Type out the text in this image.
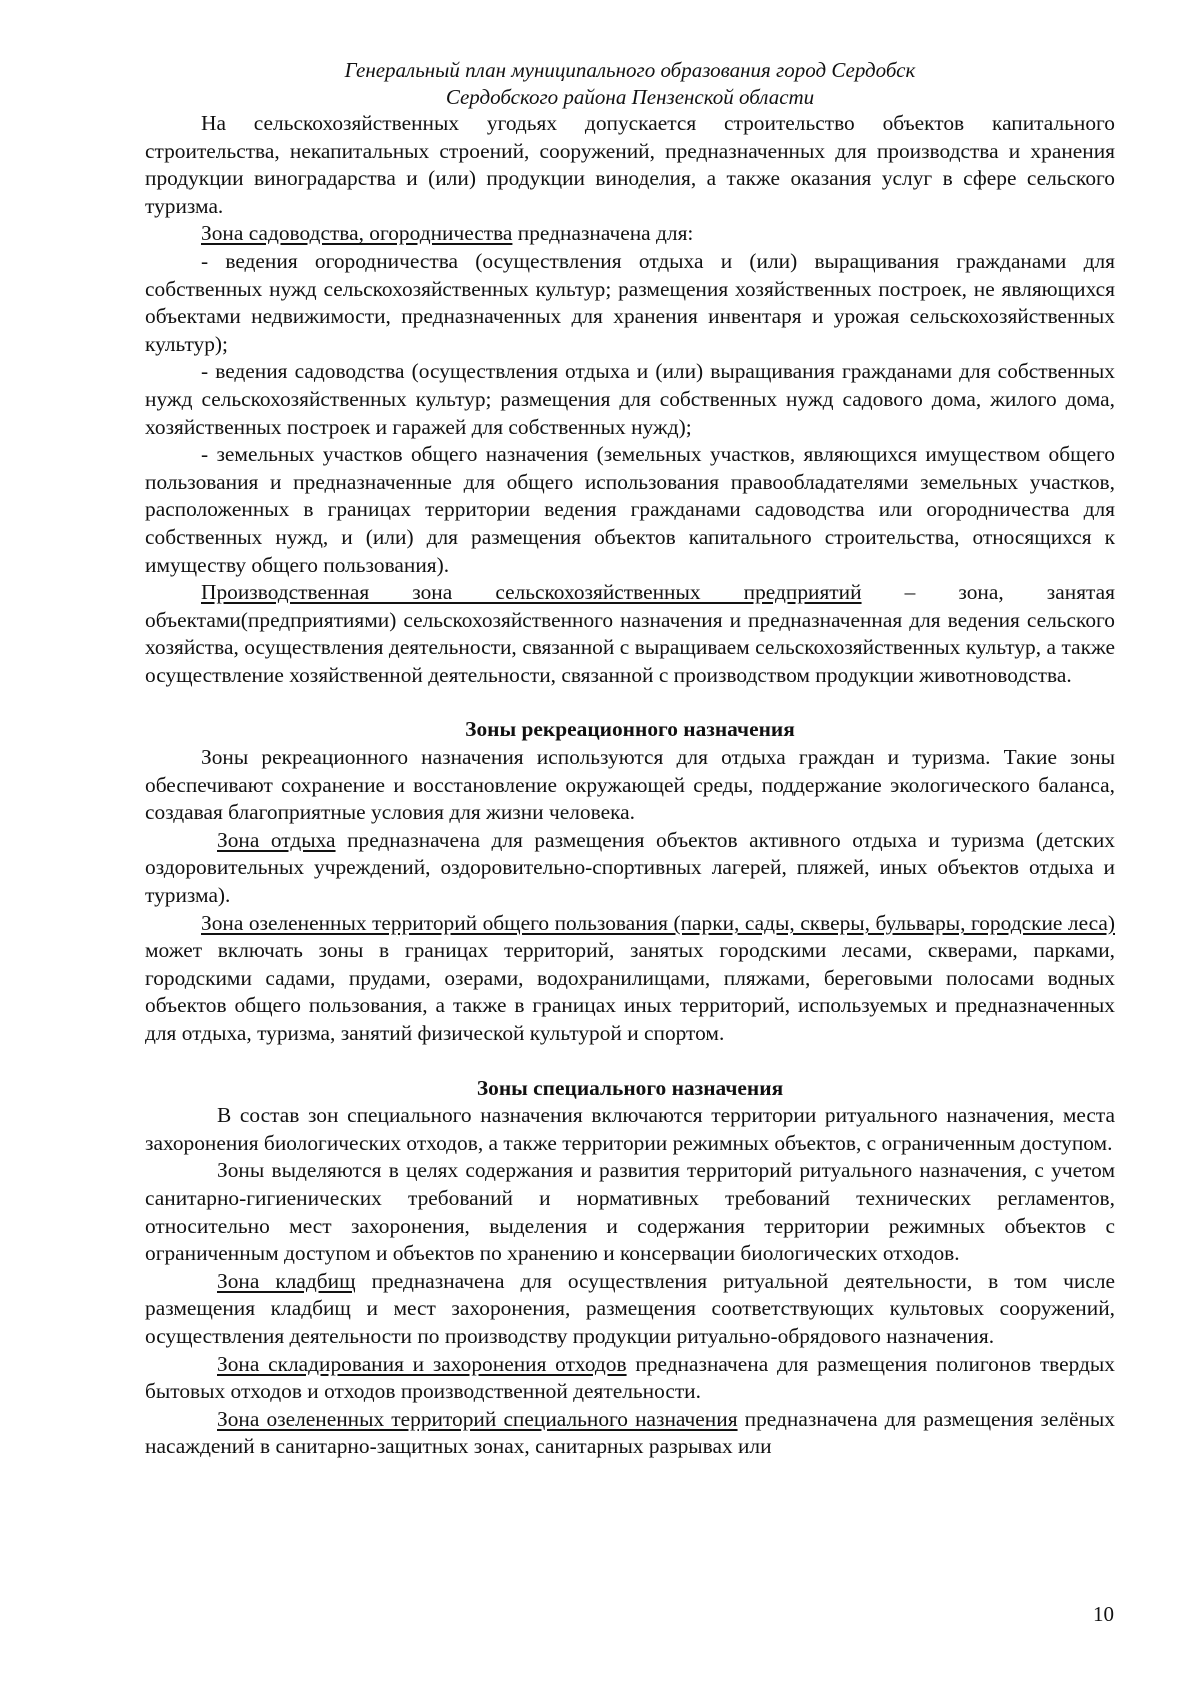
Генеральный план муниципального образования город Сердобск
Сердобского района Пензенской области

На сельскохозяйственных угодьях допускается строительство объектов капитального строительства, некапитальных строений, сооружений, предназначенных для производства и хранения продукции виноградарства и (или) продукции виноделия, а также оказания услуг в сфере сельского туризма.

Зона садоводства, огородничества предназначена для:

- ведения огородничества (осуществления отдыха и (или) выращивания гражданами для собственных нужд сельскохозяйственных культур; размещения хозяйственных построек, не являющихся объектами недвижимости, предназначенных для хранения инвентаря и урожая сельскохозяйственных культур);

- ведения садоводства (осуществления отдыха и (или) выращивания гражданами для собственных нужд сельскохозяйственных культур; размещения для собственных нужд садового дома, жилого дома, хозяйственных построек и гаражей для собственных нужд);

- земельных участков общего назначения (земельных участков, являющихся имуществом общего пользования и предназначенные для общего использования правообладателями земельных участков, расположенных в границах территории ведения гражданами садоводства или огородничества для собственных нужд, и (или) для размещения объектов капитального строительства, относящихся к имуществу общего пользования).

Производственная зона сельскохозяйственных предприятий – зона, занятая объектами(предприятиями) сельскохозяйственного назначения и предназначенная для ведения сельского хозяйства, осуществления деятельности, связанной с выращиваем сельскохозяйственных культур, а также осуществление хозяйственной деятельности, связанной с производством продукции животноводства.

Зоны рекреационного назначения

Зоны рекреационного назначения используются для отдыха граждан и туризма. Такие зоны обеспечивают сохранение и восстановление окружающей среды, поддержание экологического баланса, создавая благоприятные условия для жизни человека.

Зона отдыха предназначена для размещения объектов активного отдыха и туризма (детских оздоровительных учреждений, оздоровительно-спортивных лагерей, пляжей, иных объектов отдыха и туризма).

Зона озелененных территорий общего пользования (парки, сады, скверы, бульвары, городские леса) может включать зоны в границах территорий, занятых городскими лесами, скверами, парками, городскими садами, прудами, озерами, водохранилищами, пляжами, береговыми полосами водных объектов общего пользования, а также в границах иных территорий, используемых и предназначенных для отдыха, туризма, занятий физической культурой и спортом.

Зоны специального назначения

В состав зон специального назначения включаются территории ритуального назначения, места захоронения биологических отходов, а также территории режимных объектов, с ограниченным доступом.

Зоны выделяются в целях содержания и развития территорий ритуального назначения, с учетом санитарно-гигиенических требований и нормативных требований технических регламентов, относительно мест захоронения, выделения и содержания территории режимных объектов с ограниченным доступом и объектов по хранению и консервации биологических отходов.

Зона кладбищ предназначена для осуществления ритуальной деятельности, в том числе размещения кладбищ и мест захоронения, размещения соответствующих культовых сооружений, осуществления деятельности по производству продукции ритуально-обрядового назначения.

Зона складирования и захоронения отходов предназначена для размещения полигонов твердых бытовых отходов и отходов производственной деятельности.

Зона озелененных территорий специального назначения предназначена для размещения зелёных насаждений в санитарно-защитных зонах, санитарных разрывах или

10
